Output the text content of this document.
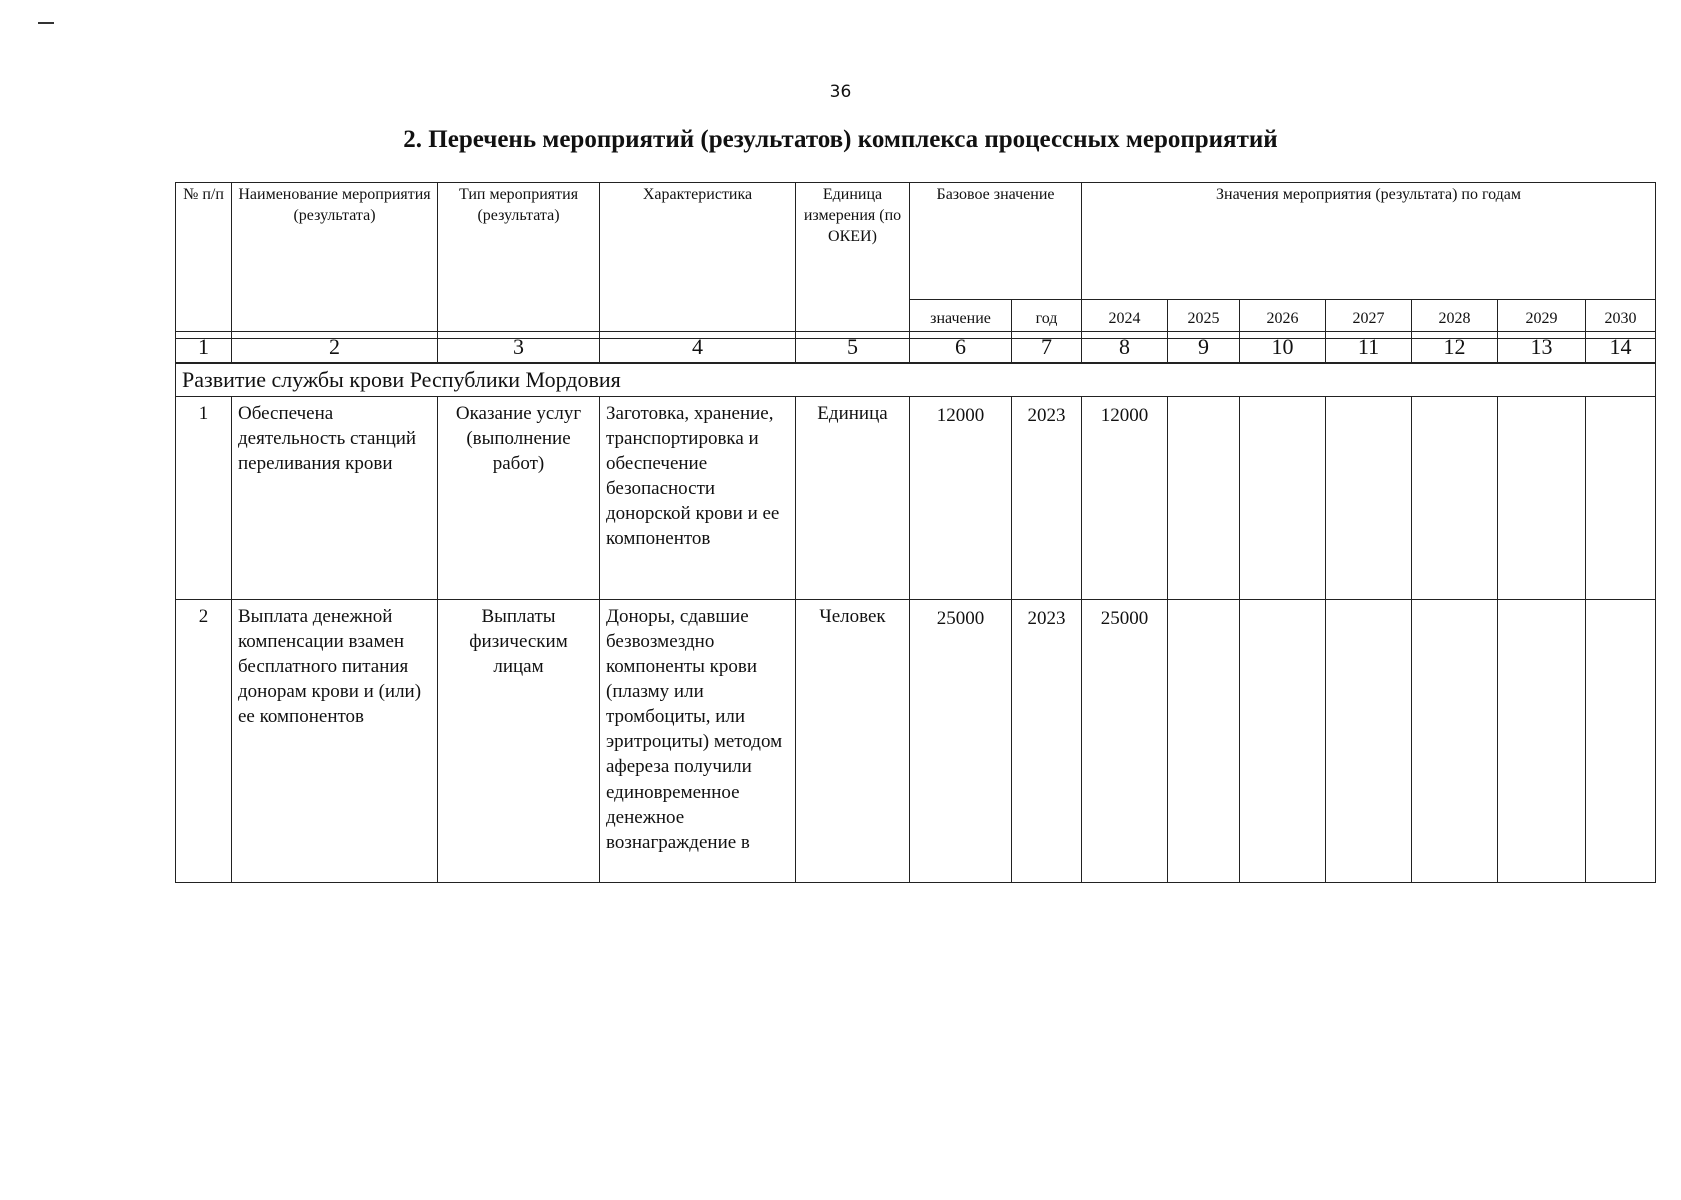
36
2. Перечень мероприятий (результатов) комплекса процессных мероприятий
№ п/п	Наименование мероприятия (результата)	Тип мероприятия (результата)	Характеристика	Единица измерения (по ОКЕИ)	Базовое значение		Значения мероприятия (результата) по годам						
					значение	год	2024	2025	2026	2027	2028	2029	2030
1	2	3	4	5	6	7	8	9	10	11	12	13	14
Развитие службы крови Республики Мордовия													
1	Обеспечена деятельность станций переливания крови	Оказание услуг (выполнение работ)	Заготовка, хранение, транспортировка и обеспечение безопасности донорской крови и ее компонентов	Единица	12000	2023	12000						
2	Выплата денежной компенсации взамен бесплатного питания донорам крови и (или) ее компонентов	Выплаты физическим лицам	Доноры, сдавшие безвозмездно компоненты крови (плазму или тромбоциты, или эритроциты) методом афереза получили единовременное денежное вознаграждение в	Человек	25000	2023	25000						
